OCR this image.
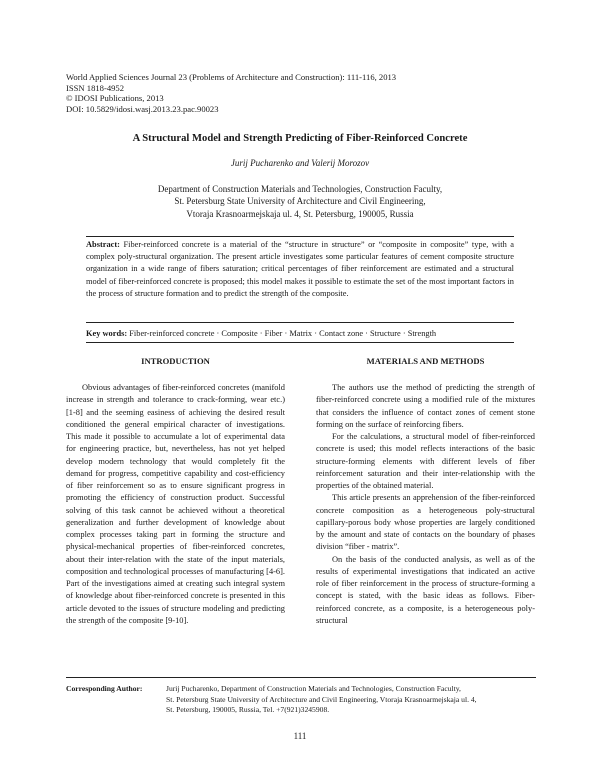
World Applied Sciences Journal 23 (Problems of Architecture and Construction): 111-116, 2013
ISSN 1818-4952
© IDOSI Publications, 2013
DOI: 10.5829/idosi.wasj.2013.23.pac.90023
A Structural Model and Strength Predicting of Fiber-Reinforced Concrete
Jurij Pucharenko and Valerij Morozov
Department of Construction Materials and Technologies, Construction Faculty,
St. Petersburg State University of Architecture and Civil Engineering,
Vtoraja Krasnoarmejskaja ul. 4, St. Petersburg, 190005, Russia
Abstract: Fiber-reinforced concrete is a material of the “structure in structure” or “composite in composite” type, with a complex poly-structural organization. The present article investigates some particular features of cement composite structure organization in a wide range of fibers saturation; critical percentages of fiber reinforcement are estimated and a structural model of fiber-reinforced concrete is proposed; this model makes it possible to estimate the set of the most important factors in the process of structure formation and to predict the strength of the composite.
Key words: Fiber-reinforced concrete · Composite · Fiber · Matrix · Contact zone · Structure · Strength
INTRODUCTION	MATERIALS AND METHODS

Obvious advantages of fiber-reinforced concretes (manifold increase in strength and tolerance to crack-forming, wear etc.) [1-8] and the seeming easiness of achieving the desired result conditioned the general empirical character of investigations. This made it possible to accumulate a lot of experimental data for engineering practice, but, nevertheless, has not yet helped develop modern technology that would completely fit the demand for progress, competitive capability and cost-efficiency of fiber reinforcement so as to ensure significant progress in promoting the efficiency of construction product. Successful solving of this task cannot be achieved without a theoretical generalization and further development of knowledge about complex processes taking part in forming the structure and physical-mechanical properties of fiber-reinforced concretes, about their inter-relation with the state of the input materials, composition and technological processes of manufacturing [4-6]. Part of the investigations aimed at creating such integral system of knowledge about fiber-reinforced concrete is presented in this article devoted to the issues of structure modeling and predicting the strength of the composite [9-10].

The authors use the method of predicting the strength of fiber-reinforced concrete using a modified rule of the mixtures that considers the influence of contact zones of cement stone forming on the surface of reinforcing fibers.

For the calculations, a structural model of fiber-reinforced concrete is used; this model reflects interactions of the basic structure-forming elements with different levels of fiber reinforcement saturation and their inter-relationship with the properties of the obtained material.

This article presents an apprehension of the fiber-reinforced concrete composition as a heterogeneous poly-structural capillary-porous body whose properties are largely conditioned by the amount and state of contacts on the boundary of phases division “fiber - matrix”.

On the basis of the conducted analysis, as well as of the results of experimental investigations that indicated an active role of fiber reinforcement in the process of structure-forming a concept is stated, with the basic ideas as follows. Fiber-reinforced concrete, as a composite, is a heterogeneous poly-structural

Corresponding Author:	Jurij Pucharenko, Department of Construction Materials and Technologies, Construction Faculty,
St. Petersburg State University of Architecture and Civil Engineering, Vtoraja Krasnoarmejskaja ul. 4,
St. Petersburg, 190005, Russia, Tel. +7(921)3245908.
111
